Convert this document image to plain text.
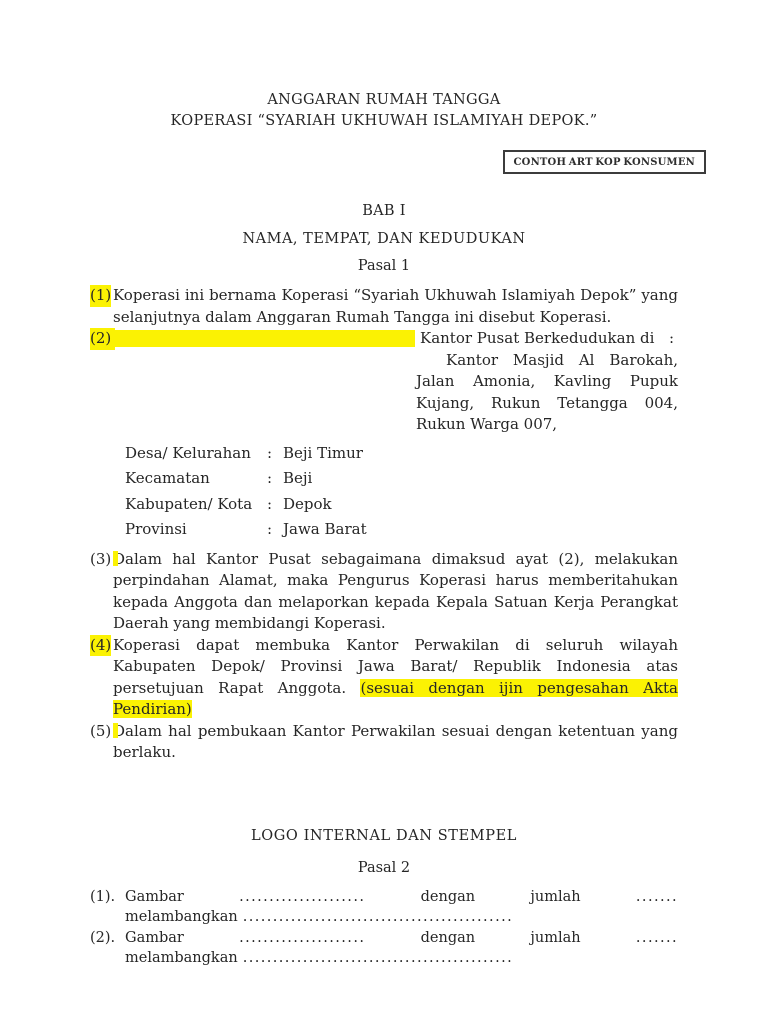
ANGGARAN RUMAH TANGGA
KOPERASI “SYARIAH UKHUWAH ISLAMIYAH DEPOK.”
CONTOH ART KOP KONSUMEN
BAB I
NAMA, TEMPAT, DAN KEDUDUKAN
Pasal 1
(1) Koperasi ini bernama Koperasi “Syariah Ukhuwah Islamiyah Depok” yang selanjutnya dalam Anggaran Rumah Tangga ini disebut Koperasi.
(2)	Kantor Pusat Berkedudukan di :
Kantor Masjid Al Barokah,
Jalan Amonia, Kavling Pupuk
Kujang, Rukun Tetangga 004,
Rukun Warga 007,
Desa/ Kelurahan	: Beji Timur
Kecamatan	: Beji
Kabupaten/ Kota : Depok
Provinsi	: Jawa Barat
(3) Dalam hal Kantor Pusat sebagaimana dimaksud ayat (2), melakukan perpindahan Alamat, maka Pengurus Koperasi harus memberitahukan kepada Anggota dan melaporkan kepada Kepala Satuan Kerja Perangkat Daerah yang membidangi Koperasi.
(4) Koperasi dapat membuka Kantor Perwakilan di seluruh wilayah Kabupaten Depok/ Provinsi Jawa Barat/ Republik Indonesia atas persetujuan Rapat Anggota. (sesuai dengan ijin pengesahan Akta Pendirian)
(5) Dalam hal pembukaan Kantor Perwakilan sesuai dengan ketentuan yang berlaku.
LOGO INTERNAL DAN STEMPEL
Pasal 2
(1). Gambar	.....................	dengan	jumlah	.......
melambangkan .............................................
(2). Gambar	.....................	dengan	jumlah	.......
melambangkan .............................................
